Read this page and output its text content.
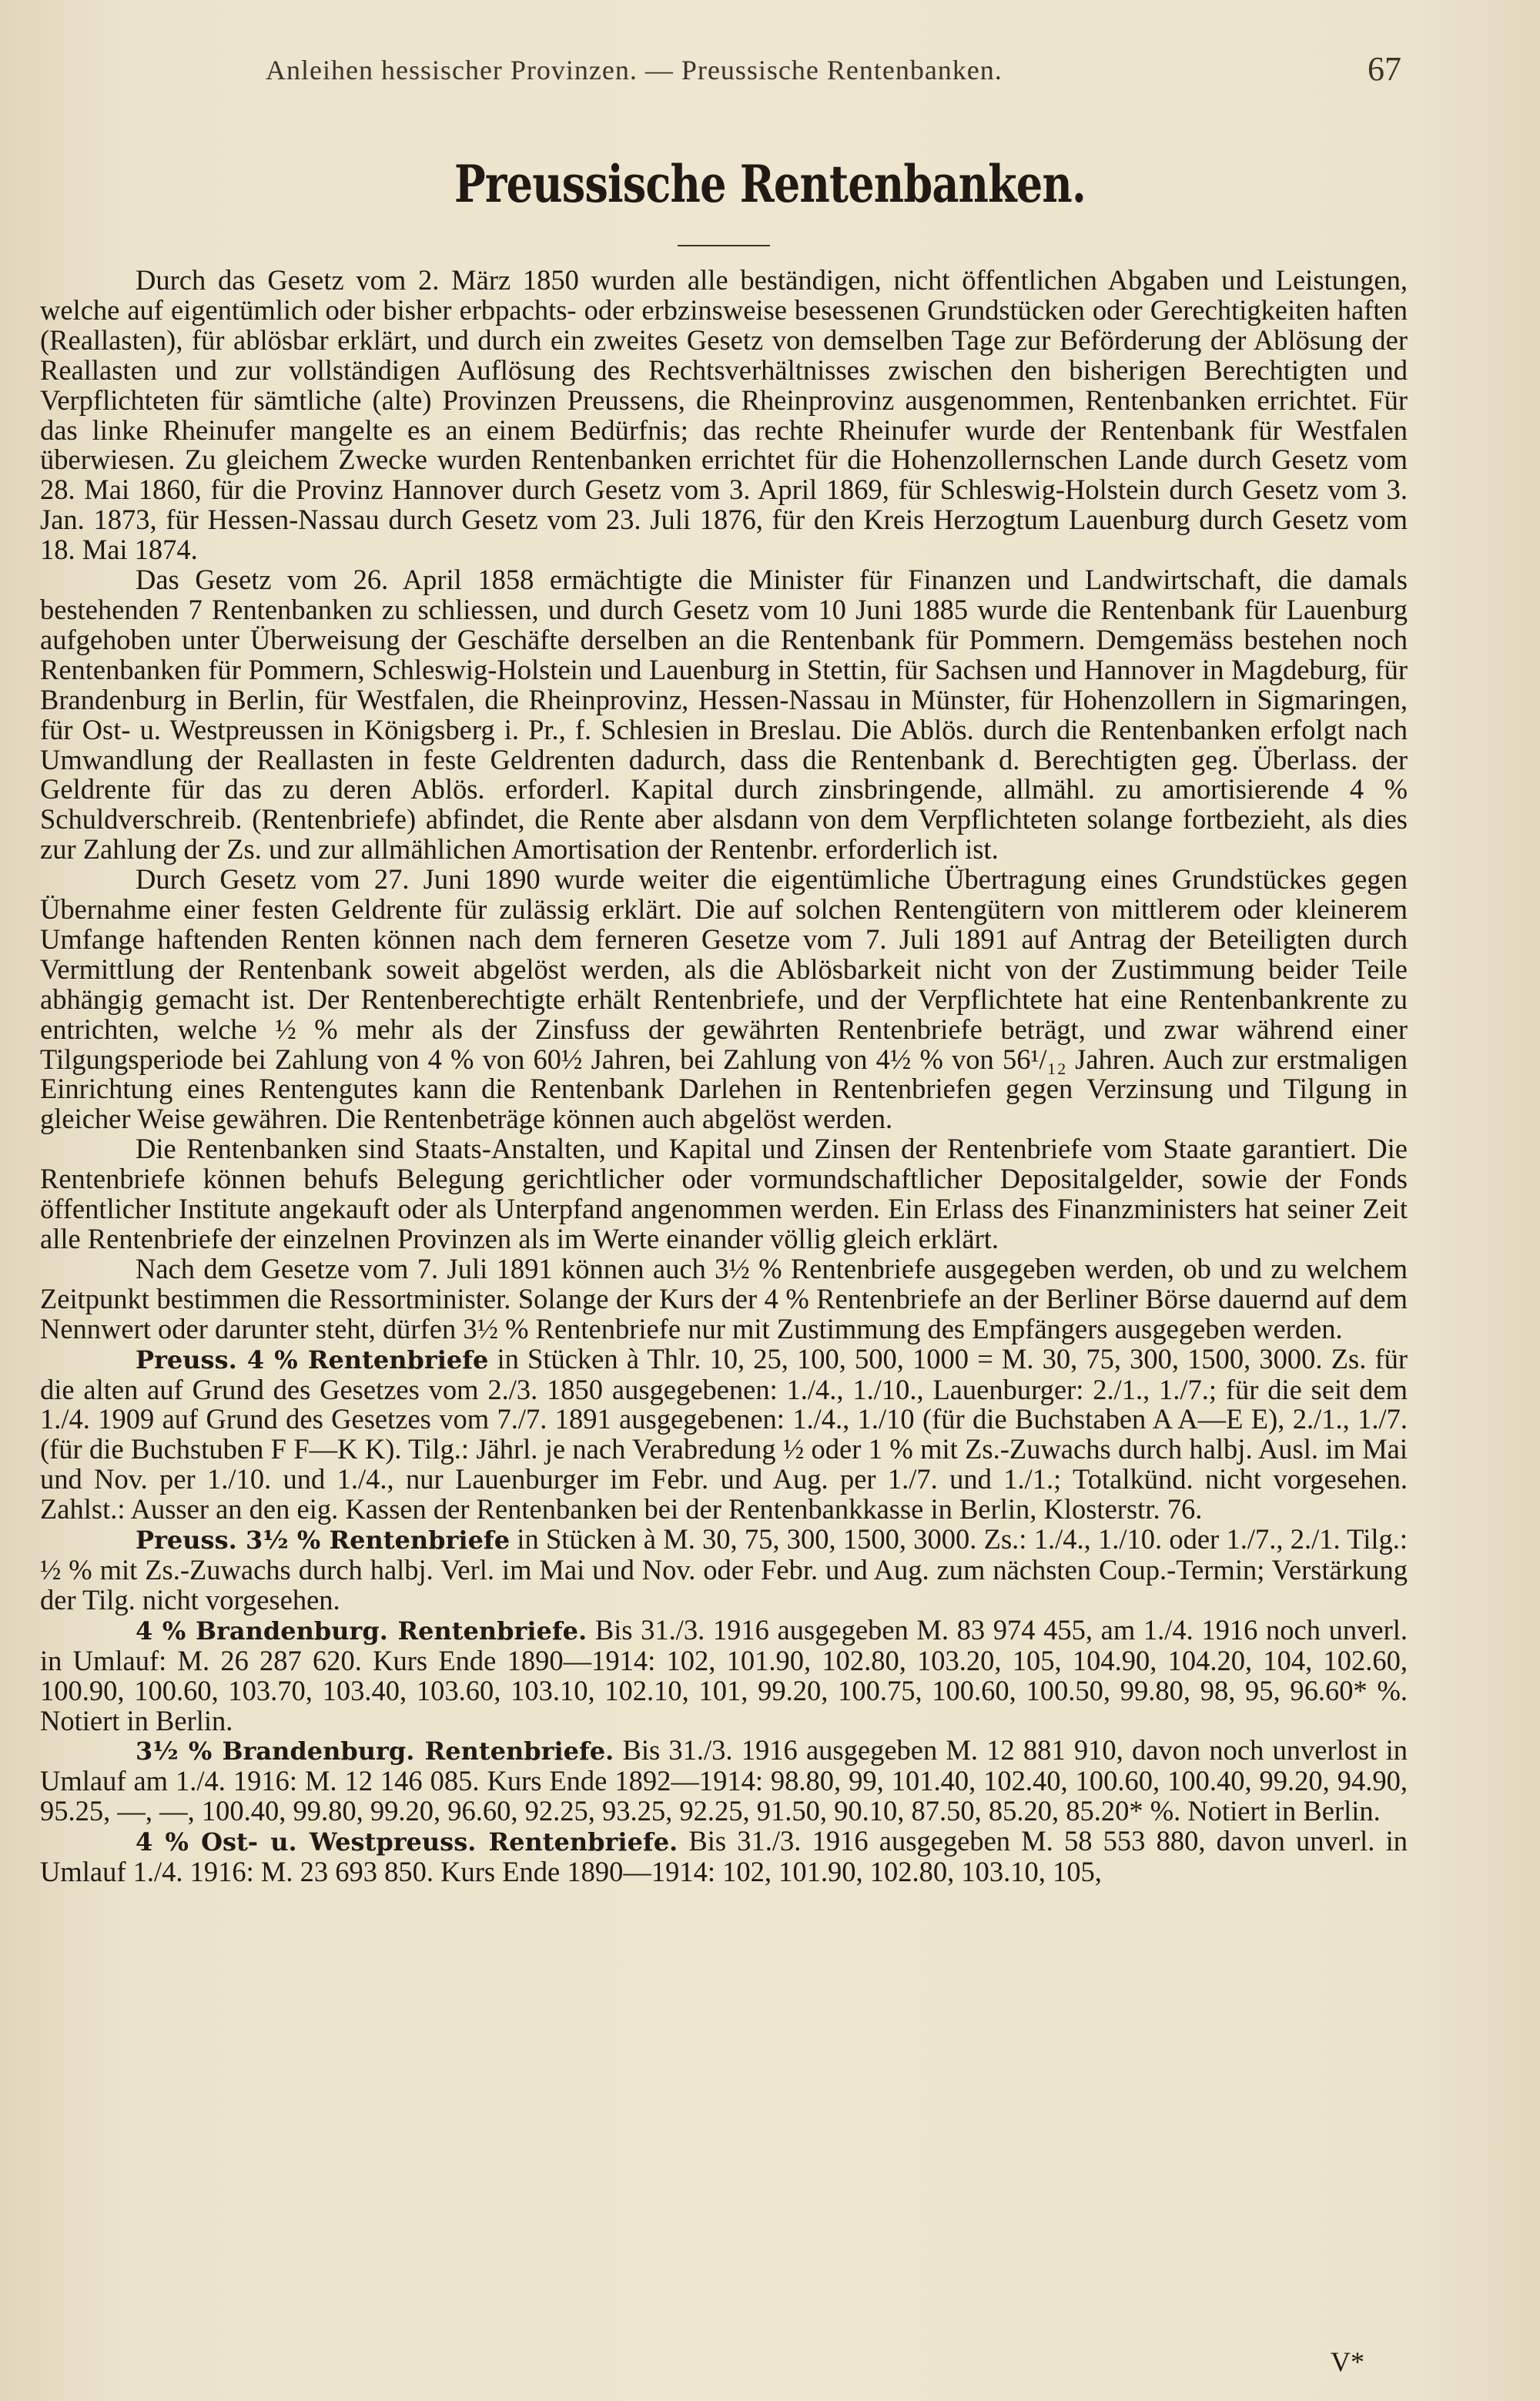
Anleihen hessischer Provinzen. — Preussische Rentenbanken.	67
Preussische Rentenbanken.

Durch das Gesetz vom 2. März 1850 wurden alle beständigen, nicht öffentlichen Abgaben und Leistungen, welche auf eigentümlich oder bisher erbpachts- oder erbzinsweise besessenen Grundstücken oder Gerechtigkeiten haften (Reallasten), für ablösbar erklärt, und durch ein zweites Gesetz von demselben Tage zur Beförderung der Ablösung der Reallasten und zur vollständigen Auflösung des Rechtsverhältnisses zwischen den bisherigen Berechtigten und Verpflichteten für sämtliche (alte) Provinzen Preussens, die Rheinprovinz ausgenommen, Rentenbanken errichtet. Für das linke Rheinufer mangelte es an einem Bedürfnis; das rechte Rheinufer wurde der Rentenbank für Westfalen überwiesen. Zu gleichem Zwecke wurden Rentenbanken errichtet für die Hohenzollernschen Lande durch Gesetz vom 28. Mai 1860, für die Provinz Hannover durch Gesetz vom 3. April 1869, für Schleswig-Holstein durch Gesetz vom 3. Jan. 1873, für Hessen-Nassau durch Gesetz vom 23. Juli 1876, für den Kreis Herzogtum Lauenburg durch Gesetz vom 18. Mai 1874.

Das Gesetz vom 26. April 1858 ermächtigte die Minister für Finanzen und Landwirtschaft, die damals bestehenden 7 Rentenbanken zu schliessen, und durch Gesetz vom 10 Juni 1885 wurde die Rentenbank für Lauenburg aufgehoben unter Überweisung der Geschäfte derselben an die Rentenbank für Pommern. Demgemäss bestehen noch Rentenbanken für Pommern, Schleswig-Holstein und Lauenburg in Stettin, für Sachsen und Hannover in Magdeburg, für Brandenburg in Berlin, für Westfalen, die Rheinprovinz, Hessen-Nassau in Münster, für Hohenzollern in Sigmaringen, für Ost- u. Westpreussen in Königsberg i. Pr., f. Schlesien in Breslau. Die Ablös. durch die Rentenbanken erfolgt nach Umwandlung der Reallasten in feste Geldrenten dadurch, dass die Rentenbank d. Berechtigten geg. Überlass. der Geldrente für das zu deren Ablös. erforderl. Kapital durch zinsbringende, allmähl. zu amortisierende 4 % Schuldverschreib. (Rentenbriefe) abfindet, die Rente aber alsdann von dem Verpflichteten solange fortbezieht, als dies zur Zahlung der Zs. und zur allmählichen Amortisation der Rentenbr. erforderlich ist.

Durch Gesetz vom 27. Juni 1890 wurde weiter die eigentümliche Übertragung eines Grundstückes gegen Übernahme einer festen Geldrente für zulässig erklärt. Die auf solchen Rentengütern von mittlerem oder kleinerem Umfange haftenden Renten können nach dem ferneren Gesetze vom 7. Juli 1891 auf Antrag der Beteiligten durch Vermittlung der Rentenbank soweit abgelöst werden, als die Ablösbarkeit nicht von der Zustimmung beider Teile abhängig gemacht ist. Der Rentenberechtigte erhält Rentenbriefe, und der Verpflichtete hat eine Rentenbankrente zu entrichten, welche ½ % mehr als der Zinsfuss der gewährten Rentenbriefe beträgt, und zwar während einer Tilgungsperiode bei Zahlung von 4 % von 60½ Jahren, bei Zahlung von 4½ % von 56¹/₁₂ Jahren. Auch zur erstmaligen Einrichtung eines Rentengutes kann die Rentenbank Darlehen in Rentenbriefen gegen Verzinsung und Tilgung in gleicher Weise gewähren. Die Rentenbeträge können auch abgelöst werden.

Die Rentenbanken sind Staats-Anstalten, und Kapital und Zinsen der Rentenbriefe vom Staate garantiert. Die Rentenbriefe können behufs Belegung gerichtlicher oder vormundschaftlicher Depositalgelder, sowie der Fonds öffentlicher Institute angekauft oder als Unterpfand angenommen werden. Ein Erlass des Finanzministers hat seiner Zeit alle Rentenbriefe der einzelnen Provinzen als im Werte einander völlig gleich erklärt.

Nach dem Gesetze vom 7. Juli 1891 können auch 3½ % Rentenbriefe ausgegeben werden, ob und zu welchem Zeitpunkt bestimmen die Ressortminister. Solange der Kurs der 4 % Rentenbriefe an der Berliner Börse dauernd auf dem Nennwert oder darunter steht, dürfen 3½ % Rentenbriefe nur mit Zustimmung des Empfängers ausgegeben werden.

Preuss. 4 % Rentenbriefe in Stücken à Thlr. 10, 25, 100, 500, 1000 = M. 30, 75, 300, 1500, 3000. Zs. für die alten auf Grund des Gesetzes vom 2./3. 1850 ausgegebenen: 1./4., 1./10., Lauenburger: 2./1., 1./7.; für die seit dem 1./4. 1909 auf Grund des Gesetzes vom 7./7. 1891 ausgegebenen: 1./4., 1./10 (für die Buchstaben A A—E E), 2./1., 1./7. (für die Buchstuben F F—K K). Tilg.: Jährl. je nach Verabredung ½ oder 1 % mit Zs.-Zuwachs durch halbj. Ausl. im Mai und Nov. per 1./10. und 1./4., nur Lauenburger im Febr. und Aug. per 1./7. und 1./1.; Totalkünd. nicht vorgesehen. Zahlst.: Ausser an den eig. Kassen der Rentenbanken bei der Rentenbankkasse in Berlin, Klosterstr. 76.

Preuss. 3½ % Rentenbriefe in Stücken à M. 30, 75, 300, 1500, 3000. Zs.: 1./4., 1./10. oder 1./7., 2./1. Tilg.: ½ % mit Zs.-Zuwachs durch halbj. Verl. im Mai und Nov. oder Febr. und Aug. zum nächsten Coup.-Termin; Verstärkung der Tilg. nicht vorgesehen.

4 % Brandenburg. Rentenbriefe. Bis 31./3. 1916 ausgegeben M. 83 974 455, am 1./4. 1916 noch unverl. in Umlauf: M. 26 287 620. Kurs Ende 1890—1914: 102, 101.90, 102.80, 103.20, 105, 104.90, 104.20, 104, 102.60, 100.90, 100.60, 103.70, 103.40, 103.60, 103.10, 102.10, 101, 99.20, 100.75, 100.60, 100.50, 99.80, 98, 95, 96.60* %. Notiert in Berlin.

3½ % Brandenburg. Rentenbriefe. Bis 31./3. 1916 ausgegeben M. 12 881 910, davon noch unverlost in Umlauf am 1./4. 1916: M. 12 146 085. Kurs Ende 1892—1914: 98.80, 99, 101.40, 102.40, 100.60, 100.40, 99.20, 94.90, 95.25, —, —, 100.40, 99.80, 99.20, 96.60, 92.25, 93.25, 92.25, 91.50, 90.10, 87.50, 85.20, 85.20* %. Notiert in Berlin.

4 % Ost- u. Westpreuss. Rentenbriefe. Bis 31./3. 1916 ausgegeben M. 58 553 880, davon unverl. in Umlauf 1./4. 1916: M. 23 693 850. Kurs Ende 1890—1914: 102, 101.90, 102.80, 103.10, 105,

V*
